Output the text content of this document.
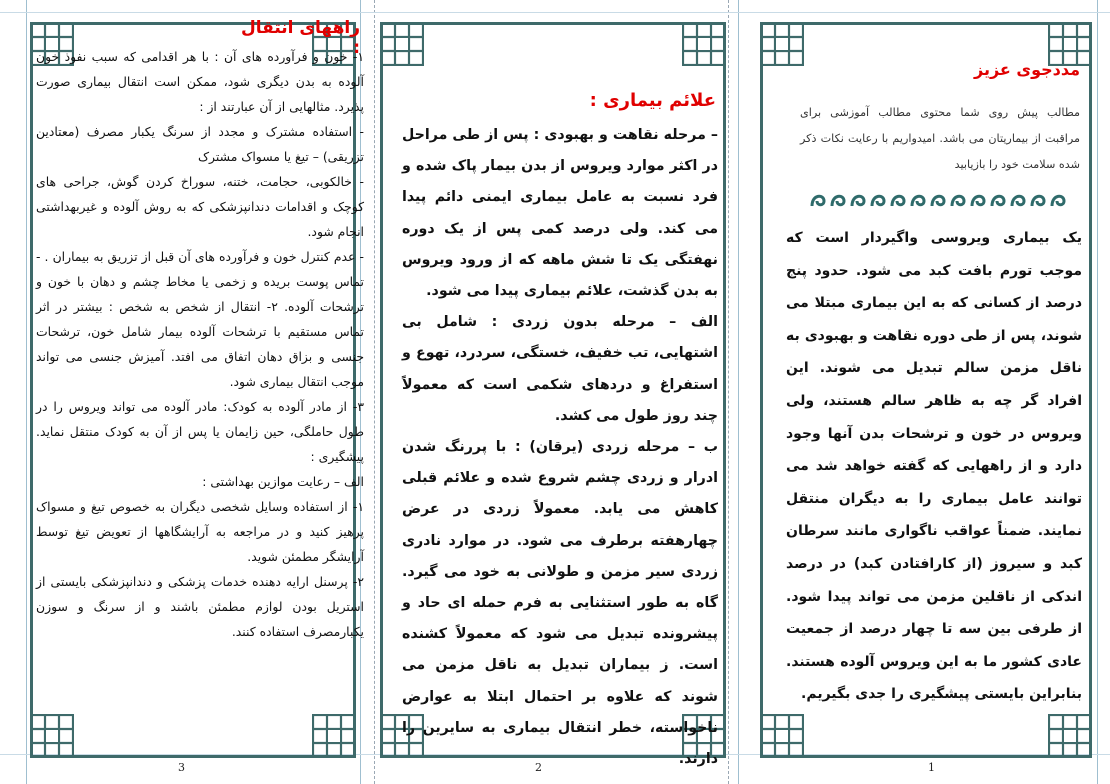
راههای انتقال :

۱- خون و فرآورده های آن : با هر اقدامی که سبب نفوذ خون آلوده به بدن دیگری شود، ممکن است انتقال بیماری صورت پذیرد. مثالهایی از آن عبارتند از :

- استفاده مشترک و مجدد از سرنگ یکبار مصرف (معتادین تزریقی) – تیغ یا مسواک مشترک

- خالکوبی، حجامت، ختنه، سوراخ کردن گوش، جراحی های کوچک و اقدامات دندانپزشکی که به روش آلوده و غیربهداشتی انجام شود.

- عدم کنترل خون و فرآورده های آن قبل از تزریق به بیماران . - تماس پوست بریده و زخمی یا مخاط چشم و دهان با خون و ترشحات آلوده. ۲- انتقال از شخص به شخص : بیشتر در اثر تماس مستقیم با ترشحات آلوده بیمار شامل خون، ترشحات جنسی و بزاق دهان اتفاق می افتد. آمیزش جنسی می تواند موجب انتقال بیماری شود.

۳- از مادر آلوده به کودک: مادر آلوده می تواند ویروس را در طول حاملگی، حین زایمان یا پس از آن به کودک منتقل نماید. پیشگیری :

الف – رعایت موازین بهداشتی :

۱- از استفاده وسایل شخصی دیگران به خصوص تیغ و مسواک پرهیز کنید و در مراجعه به آرایشگاهها از تعویض تیغ توسط آرایشگر مطمئن شوید.

۲- پرسنل ارایه دهنده خدمات پزشکی و دندانپزشکی بایستی از استریل بودن لوازم مطمئن باشند و از سرنگ و سوزن یکبارمصرف استفاده کنند.

3
علائم بیماری :

– مرحله نقاهت و بهبودی : پس از طی مراحل در اکثر موارد ویروس از بدن بیمار پاک شده و فرد نسبت به عامل بیماری ایمنی دائم پیدا می کند. ولی درصد کمی پس از یک دوره نهفتگی یک تا شش ماهه که از ورود ویروس به بدن گذشت، علائم بیماری پیدا می شود.

الف – مرحله بدون زردی : شامل بی اشتهایی، تب خفیف، خستگی، سردرد، تهوع و استفراغ و دردهای شکمی است که معمولاً چند روز طول می کشد.

ب – مرحله زردی (یرقان) : با پررنگ شدن ادرار و زردی چشم شروع شده و علائم قبلی کاهش می یابد. معمولاً زردی در عرض چهارهفته برطرف می شود. در موارد نادری زردی سیر مزمن و طولانی به خود می گیرد. گاه به طور استثنایی به فرم حمله ای حاد و پیشرونده تبدیل می شود که معمولاً کشنده است. ز بیماران تبدیل به ناقل مزمن می شوند که علاوه بر احتمال ابتلا به عوارض ناخواسته، خطر انتقال بیماری به سایرین را دارند.

2
مددجوی عزیز
مطالب پیش روی شما محتوی مطالب آموزشی برای مراقبت از بیماریتان می باشد. امیدواریم با رعایت نکات ذکر شده سلامت خود را بازیابید

یک بیماری ویروسی واگیردار است که موجب تورم بافت کبد می شود. حدود پنج درصد از کسانی که به این بیماری مبتلا می شوند، پس از طی دوره نقاهت و بهبودی به ناقل مزمن سالم تبدیل می شوند. این افراد گر چه به ظاهر سالم هستند، ولی ویروس در خون و ترشحات بدن آنها وجود دارد و از راههایی که گفته خواهد شد می توانند عامل بیماری را به دیگران منتقل نمایند. ضمناً عواقب ناگواری مانند سرطان کبد و سیروز (از کارافتادن کبد) در درصد اندکی از ناقلین مزمن می تواند پیدا شود. از طرفی بین سه تا چهار درصد از جمعیت عادی کشور ما به این ویروس آلوده هستند. بنابراین بایستی پیشگیری را جدی بگیریم.

1
